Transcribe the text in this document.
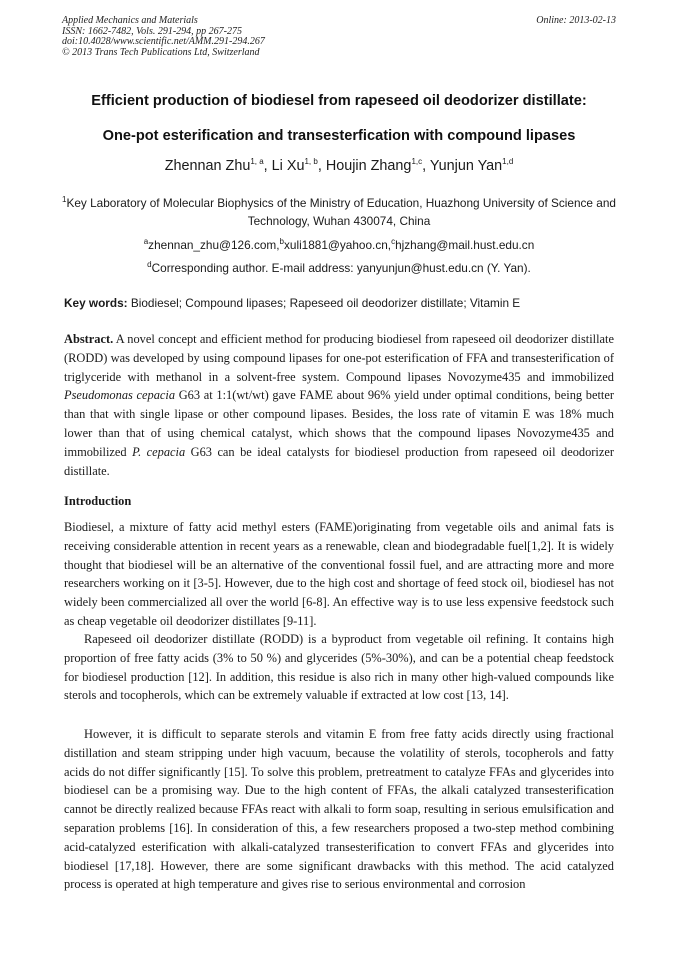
Applied Mechanics and Materials
ISSN: 1662-7482, Vols. 291-294, pp 267-275
doi:10.4028/www.scientific.net/AMM.291-294.267
© 2013 Trans Tech Publications Ltd, Switzerland
Online: 2013-02-13
Efficient production of biodiesel from rapeseed oil deodorizer distillate:
One-pot esterification and transesterfication with compound lipases
Zhennan Zhu$^{1, a}$, Li Xu$^{1, b}$, Houjin Zhang$^{1,c}$, Yunjun Yan$^{1,d}$
$^1$Key Laboratory of Molecular Biophysics of the Ministry of Education, Huazhong University of Science and Technology, Wuhan 430074, China
$^a$zhennan_zhu@126.com,$^b$xuli1881@yahoo.cn,$^c$hjzhang@mail.hust.edu.cn
$^d$Corresponding author. E-mail address: yanyunjun@hust.edu.cn (Y. Yan).
Key words: Biodiesel; Compound lipases; Rapeseed oil deodorizer distillate; Vitamin E
Abstract. A novel concept and efficient method for producing biodiesel from rapeseed oil deodorizer distillate (RODD) was developed by using compound lipases for one-pot esterification of FFA and transesterification of triglyceride with methanol in a solvent-free system. Compound lipases Novozyme435 and immobilized Pseudomonas cepacia G63 at 1:1(wt/wt) gave FAME about 96% yield under optimal conditions, being better than that with single lipase or other compound lipases. Besides, the loss rate of vitamin E was 18% much lower than that of using chemical catalyst, which shows that the compound lipases Novozyme435 and immobilized P. cepacia G63 can be ideal catalysts for biodiesel production from rapeseed oil deodorizer distillate.
Introduction

Biodiesel, a mixture of fatty acid methyl esters (FAME)originating from vegetable oils and animal fats is receiving considerable attention in recent years as a renewable, clean and biodegradable fuel[1,2]. It is widely thought that biodiesel will be an alternative of the conventional fossil fuel, and are attracting more and more researchers working on it [3-5]. However, due to the high cost and shortage of feed stock oil, biodiesel has not widely been commercialized all over the world [6-8]. An effective way is to use less expensive feedstock such as cheap vegetable oil deodorizer distillates [9-11].

Rapeseed oil deodorizer distillate (RODD) is a byproduct from vegetable oil refining. It contains high proportion of free fatty acids (3% to 50 %) and glycerides (5%-30%), and can be a potential cheap feedstock for biodiesel production [12]. In addition, this residue is also rich in many other high-valued compounds like sterols and tocopherols, which can be extremely valuable if extracted at low cost [13, 14].

However, it is difficult to separate sterols and vitamin E from free fatty acids directly using fractional distillation and steam stripping under high vacuum, because the volatility of sterols, tocopherols and fatty acids do not differ significantly [15]. To solve this problem, pretreatment to catalyze FFAs and glycerides into biodiesel can be a promising way. Due to the high content of FFAs, the alkali catalyzed transesterification cannot be directly realized because FFAs react with alkali to form soap, resulting in serious emulsification and separation problems [16]. In consideration of this, a few researchers proposed a two-step method combining acid-catalyzed esterification with alkali-catalyzed transesterification to convert FFAs and glycerides into biodiesel [17,18]. However, there are some significant drawbacks with this method. The acid catalyzed process is operated at high temperature and gives rise to serious environmental and corrosion
